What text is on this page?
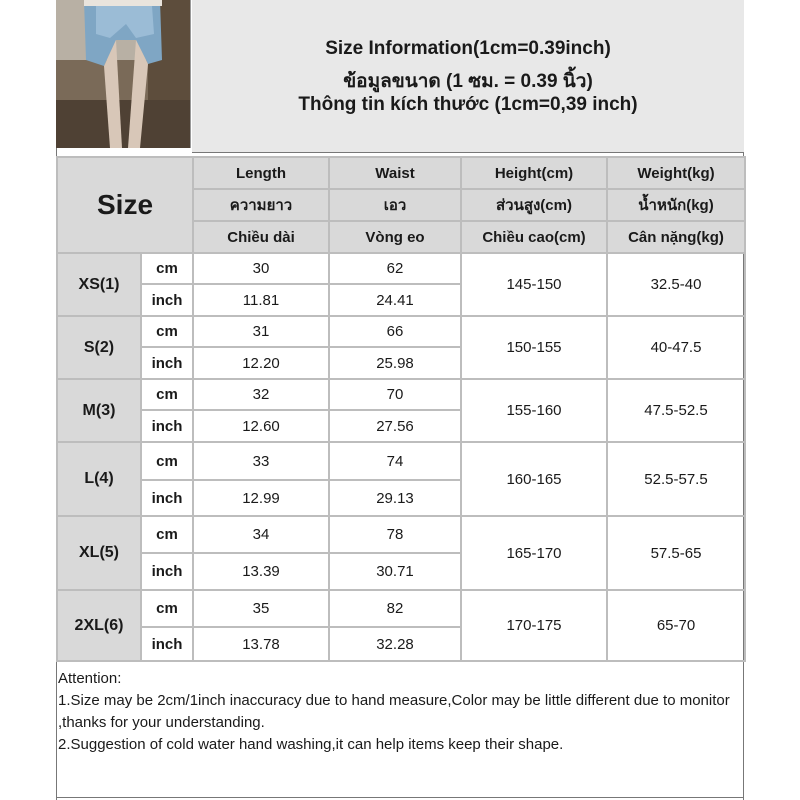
Size Information(1cm=0.39inch)
ข้อมูลขนาด (1 ซม. = 0.39 นิ้ว)
Thông tin kích thước (1cm=0,39 inch)
Size		Length	Waist	Height(cm)	Weight(kg)
		ความยาว	เอว	ส่วนสูง(cm)	น้ำหนัก(kg)
		Chiều dài	Vòng eo	Chiều cao(cm)	Cân nặng(kg)
XS(1)	cm	30	62	145-150	32.5-40
	inch	11.81	24.41		
S(2)	cm	31	66	150-155	40-47.5
	inch	12.20	25.98		
M(3)	cm	32	70	155-160	47.5-52.5
	inch	12.60	27.56		
L(4)	cm	33	74	160-165	52.5-57.5
	inch	12.99	29.13		
XL(5)	cm	34	78	165-170	57.5-65
	inch	13.39	30.71		
2XL(6)	cm	35	82	170-175	65-70
	inch	13.78	32.28		
Attention:
1.Size may be 2cm/1inch inaccuracy due to hand measure,Color may be little different due to monitor ,thanks for your understanding.
2.Suggestion of cold water hand washing,it can help items keep their shape.
